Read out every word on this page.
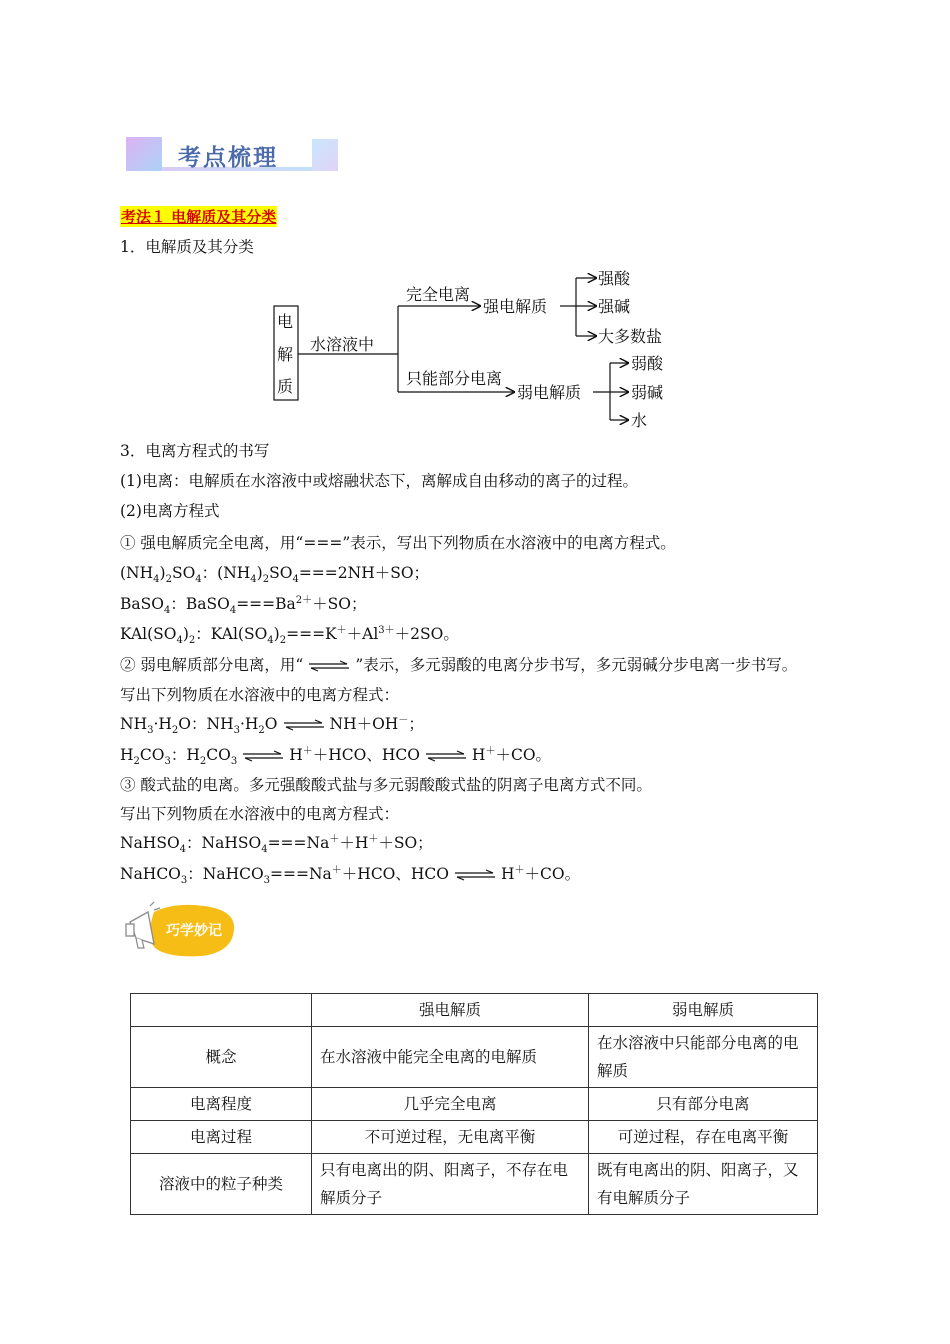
考点梳理
考法１ 电解质及其分类
1．电解质及其分类
电
解
质
水溶液中
完全电离
只能部分电离
强电解质
弱电解质
强酸
强碱
大多数盐
弱酸
弱碱
水
3．电离方程式的书写
(1)电离：电解质在水溶液中或熔融状态下，离解成自由移动的离子的过程。
(2)电离方程式
① 强电解质完全电离，用“===”表示，写出下列物质在水溶液中的电离方程式。
$(NH_4)_2SO_4$：$(NH_4)_2SO_4===2NH+SO$；
BaSO$_4$：$BaSO_4===Ba^{2+}+SO$；
$KAl(SO_4)_2$：$KAl(SO_4)_2===K^++Al^{3+}+2SO$。
② 弱电解质部分电离，用“ ⇌ ”表示，多元弱酸的电离分步书写，多元弱碱分步电离一步书写。
写出下列物质在水溶液中的电离方程式：
$NH_3\cdot H_2O$：$NH_3\cdot H_2O$ ⇌ NH＋OH－；
$H_2CO_3$：$H_2CO_3$ ⇌ H＋＋HCO、HCO ⇌ H＋＋CO。
③ 酸式盐的电离。多元强酸酸式盐与多元弱酸酸式盐的阴离子电离方式不同。
写出下列物质在水溶液中的电离方程式：
NaHSO$_4$：NaHSO$_4$===Na＋＋H＋＋SO；
NaHCO$_3$：NaHCO$_3$===Na＋＋HCO、HCO ⇌ H＋＋CO。
巧学妙记
	强电解质	弱电解质
概念	在水溶液中能完全电离的电解质	在水溶液中只能部分电离的电解质
电离程度	几乎完全电离	只有部分电离
电离过程	不可逆过程，无电离平衡	可逆过程，存在电离平衡
溶液中的粒子种类	只有电离出的阴、阳离子，不存在电解质分子	既有电离出的阴、阳离子，又有电解质分子
